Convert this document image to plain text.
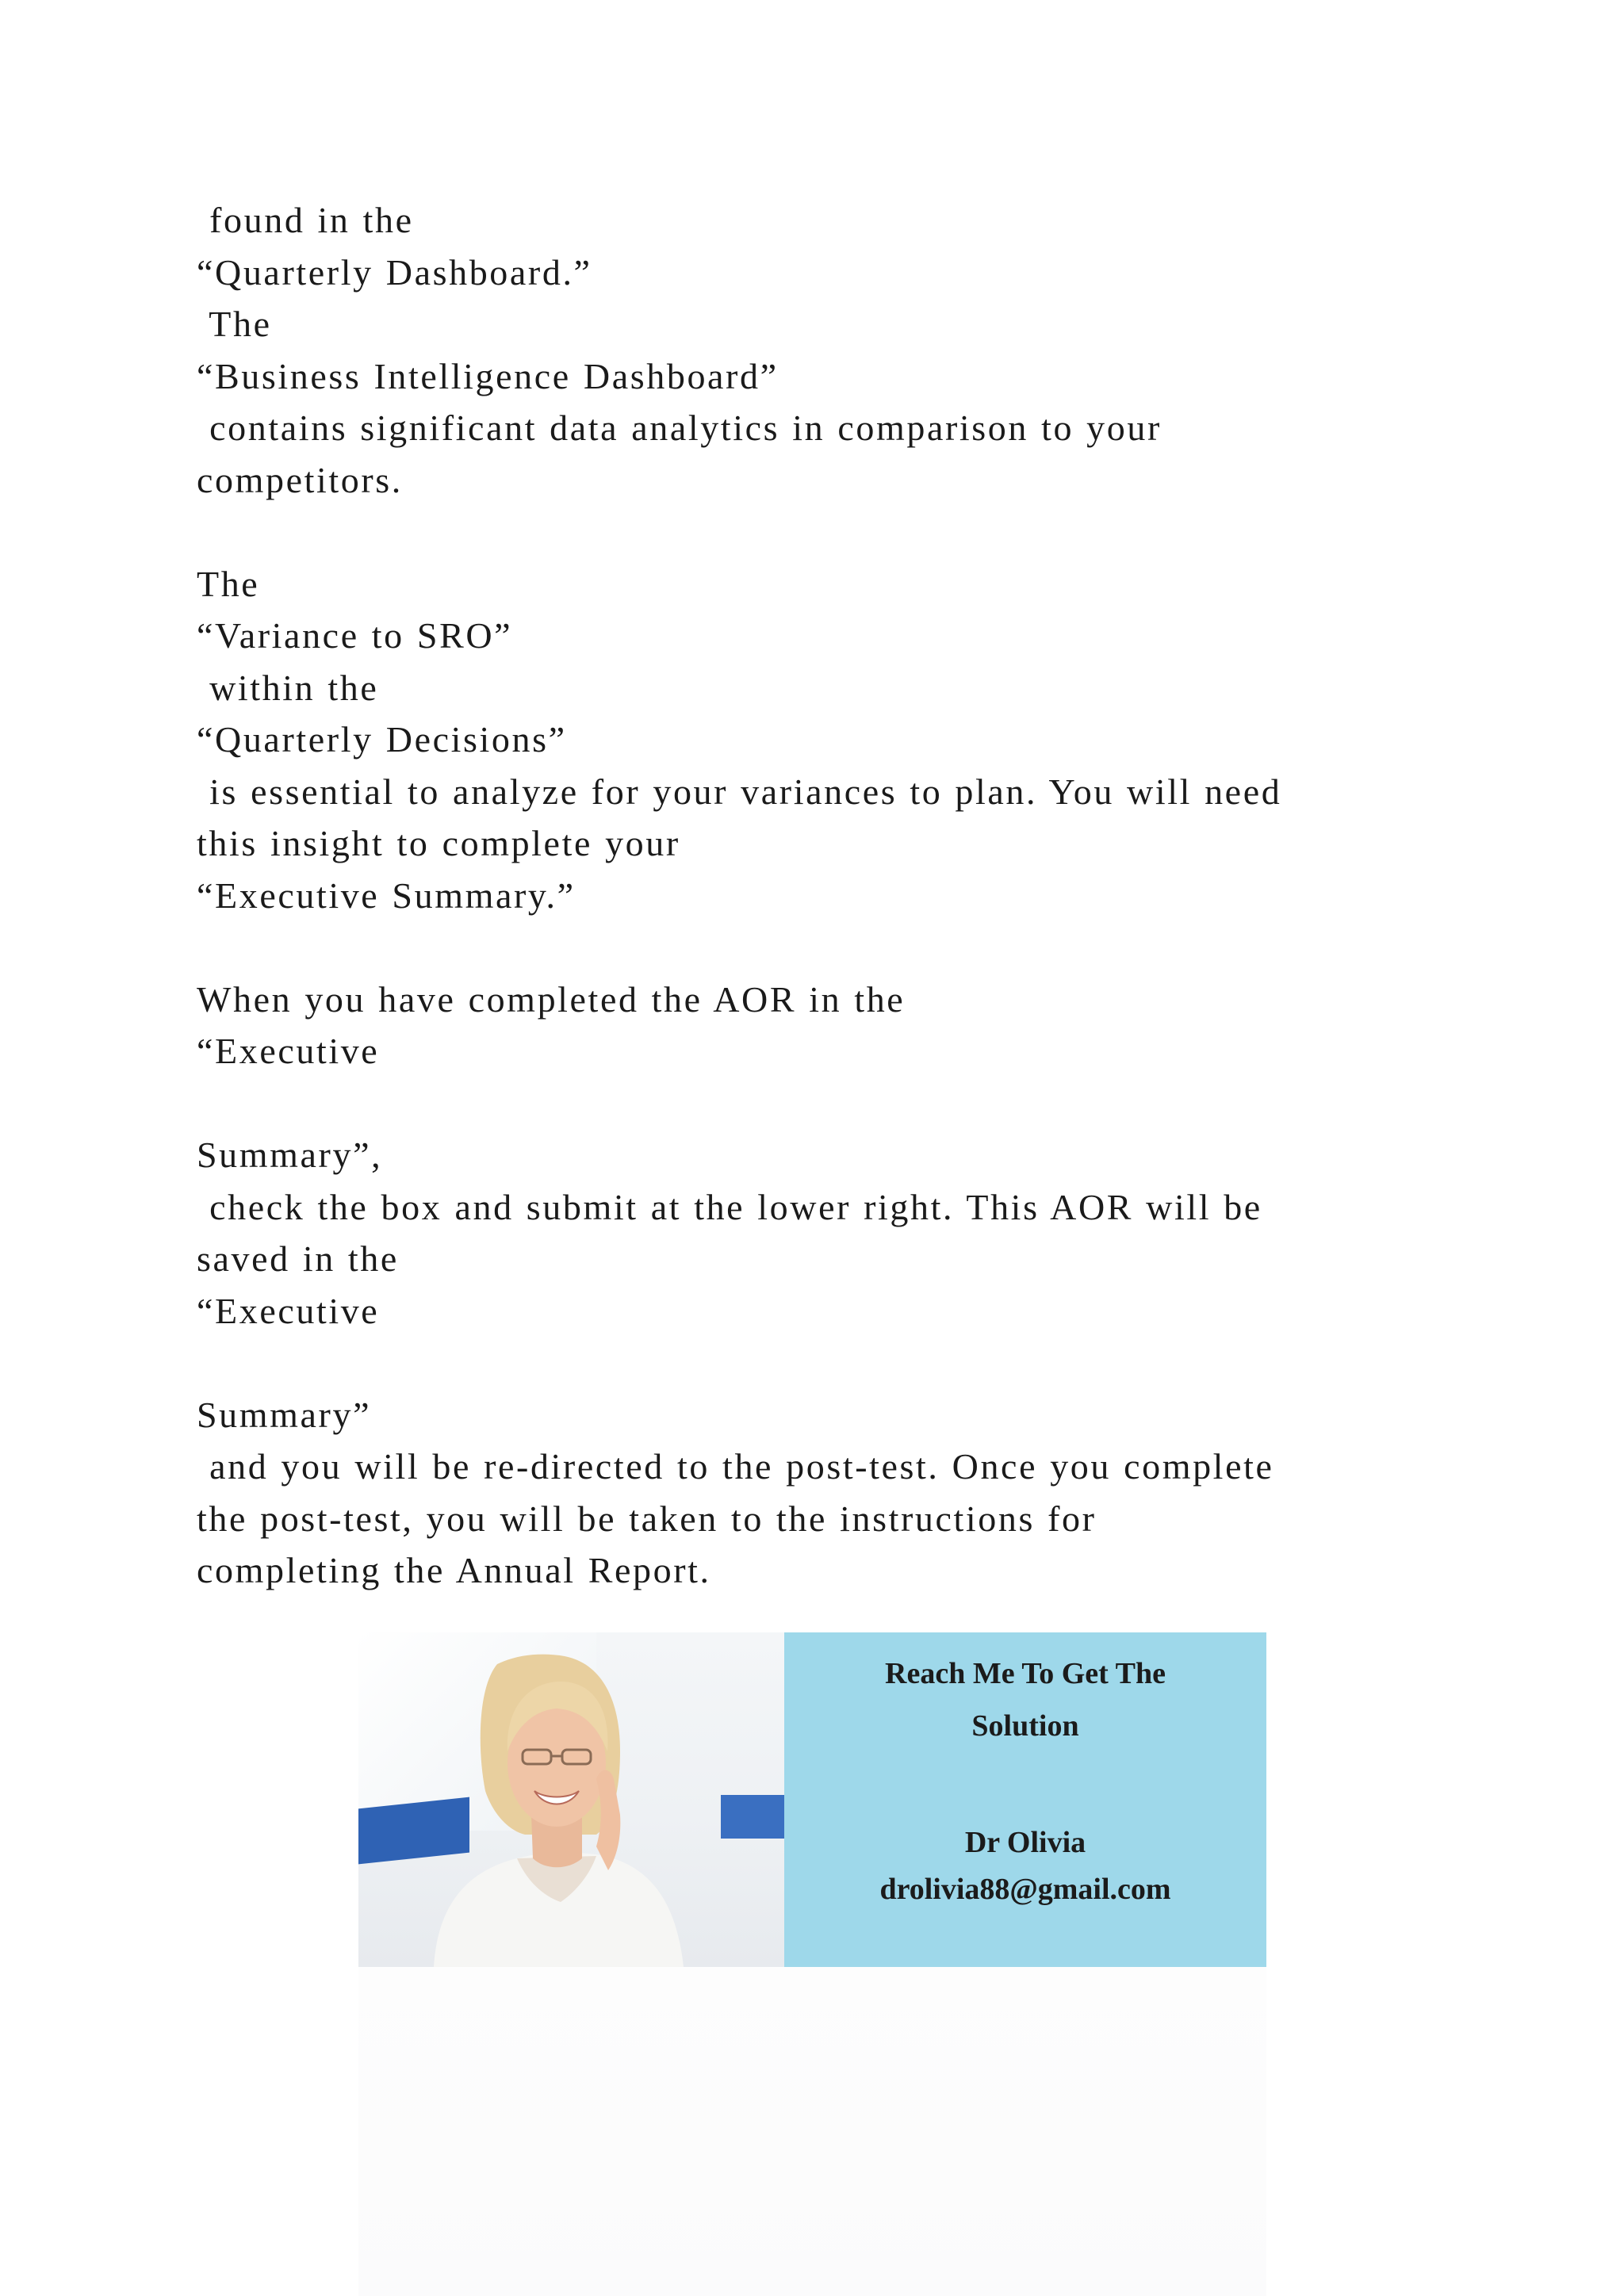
found in the
“Quarterly Dashboard.”
The
“Business Intelligence Dashboard”
contains significant data analytics in comparison to your
competitors.
The
“Variance to SRO”
within the
“Quarterly Decisions”
is essential to analyze for your variances to plan. You will need
this insight to complete your
“Executive Summary.”
When you have completed the AOR in the
“Executive
Summary”,
check the box and submit at the lower right. This AOR will be
saved in the
“Executive
Summary”
and you will be re-directed to the post-test. Once you complete
the post-test, you will be taken to the instructions for
completing the Annual Report.
Reach Me To Get The
Solution
Dr Olivia
drolivia88@gmail.com
